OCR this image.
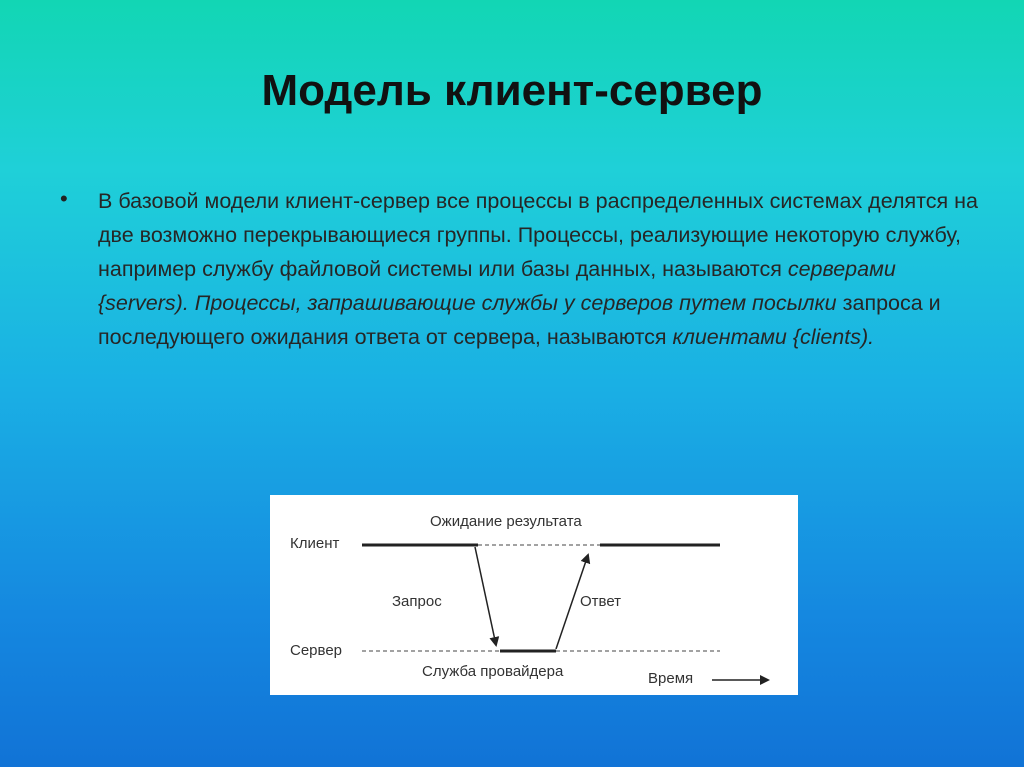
Модель клиент-сервер
• В базовой модели клиент-сервер все процессы в распределенных системах делятся на две возможно перекрывающиеся группы. Процессы, реализующие некоторую службу, например службу файловой системы или базы данных, называются серверами {servers). Процессы, запрашивающие службы у серверов путем посылки запроса и последующего ожидания ответа от сервера, называются клиентами {clients).
Клиент
Ожидание результата
Запрос	Ответ
Сервер
Служба провайдера	Время
